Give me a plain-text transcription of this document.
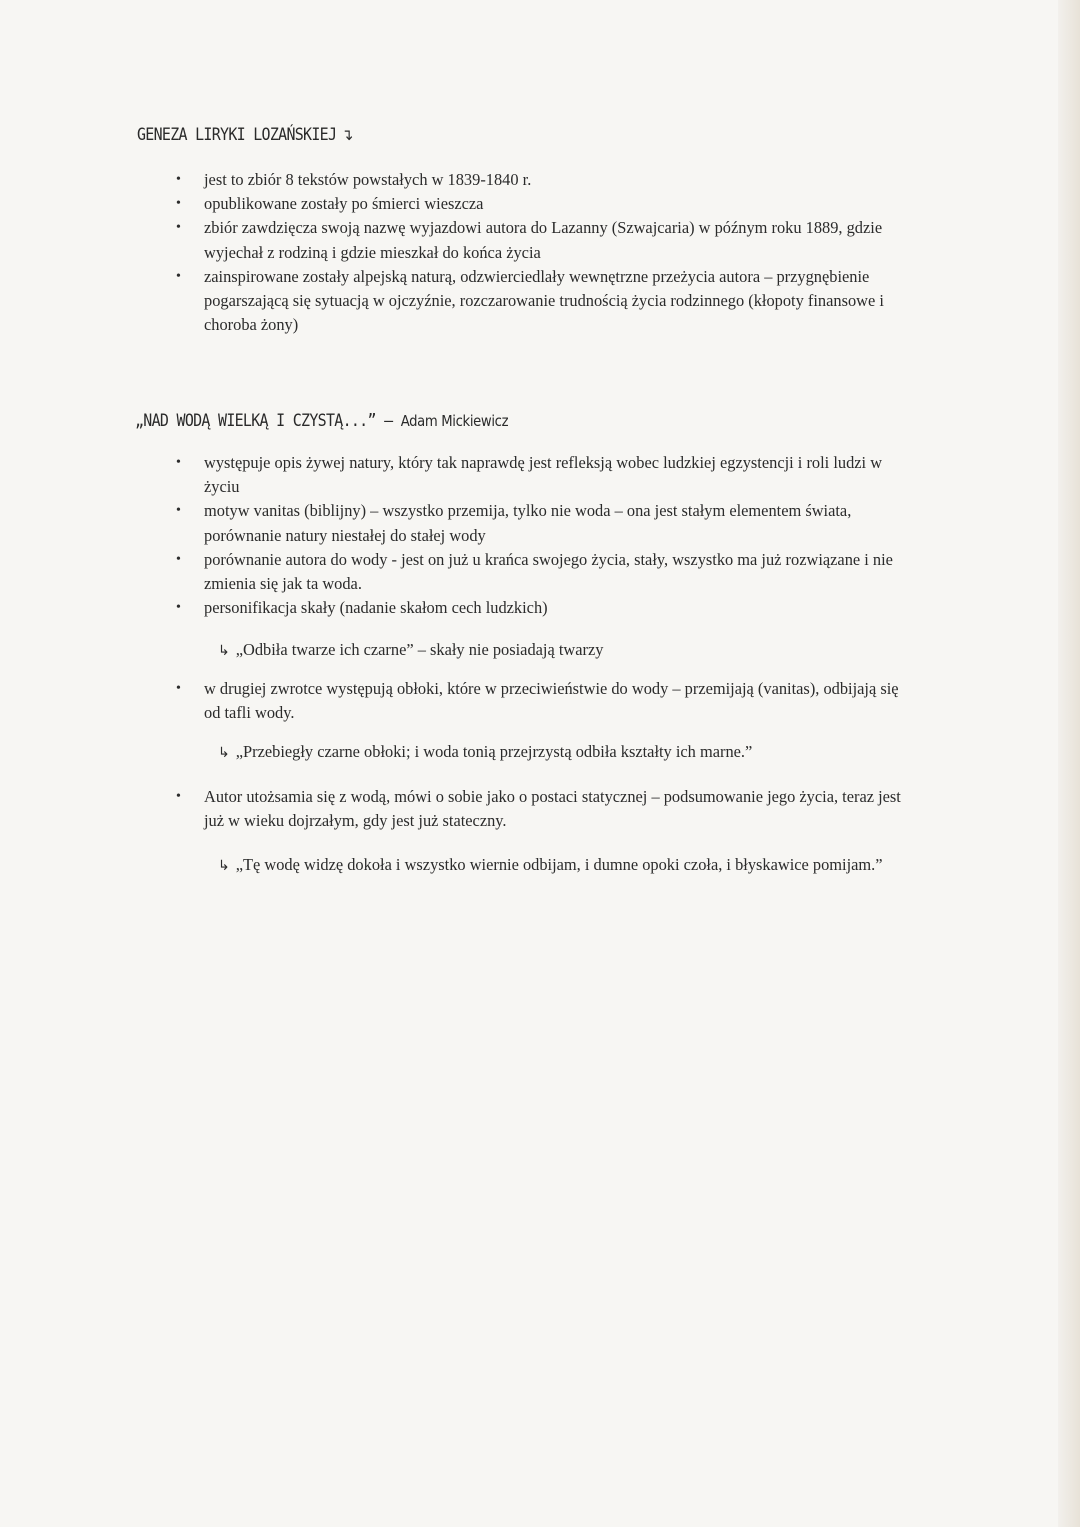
GENEZA LIRYKI LOZAŃSKIEJ ↴
• jest to zbiór 8 tekstów powstałych w 1839-1840 r.
• opublikowane zostały po śmierci wieszcza
• zbiór zawdzięcza swoją nazwę wyjazdowi autora do Lazanny (Szwajcaria) w późnym roku 1889, gdzie wyjechał z rodziną i gdzie mieszkał do końca życia
• zainspirowane zostały alpejską naturą, odzwierciedlały wewnętrzne przeżycia autora – przygnębienie pogarszającą się sytuacją w ojczyźnie, rozczarowanie trudnością życia rodzinnego (kłopoty finansowe i choroba żony)
„NAD WODĄ WIELKĄ I CZYSTĄ...” – Adam Mickiewicz
• występuje opis żywej natury, który tak naprawdę jest refleksją wobec ludzkiej egzystencji i roli ludzi w życiu
• motyw vanitas (biblijny) – wszystko przemija, tylko nie woda – ona jest stałym elementem świata, porównanie natury niestałej do stałej wody
• porównanie autora do wody - jest on już u krańca swojego życia, stały, wszystko ma już rozwiązane i nie zmienia się jak ta woda.
• personifikacja skały (nadanie skałom cech ludzkich)
↳ „Odbiła twarze ich czarne” – skały nie posiadają twarzy
• w drugiej zwrotce występują obłoki, które w przeciwieństwie do wody – przemijają (vanitas), odbijają się od tafli wody.
↳ „Przebiegły czarne obłoki; i woda tonią przejrzystą odbiła kształty ich marne.”
• Autor utożsamia się z wodą, mówi o sobie jako o postaci statycznej – podsumowanie jego życia, teraz jest już w wieku dojrzałym, gdy jest już stateczny.
↳ „Tę wodę widzę dokoła i wszystko wiernie odbijam, i dumne opoki czoła, i błyskawice pomijam.”
